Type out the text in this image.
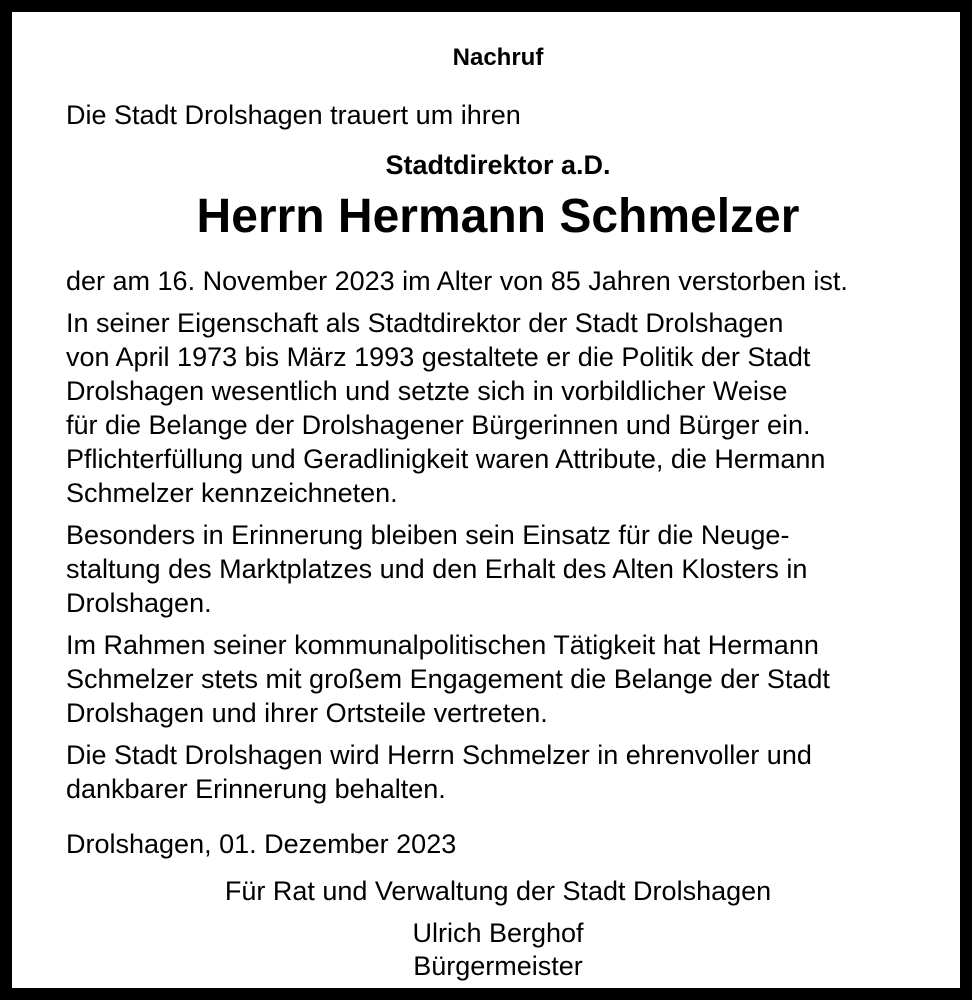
Nachruf
Die Stadt Drolshagen trauert um ihren
Stadtdirektor a.D.
Herrn Hermann Schmelzer
der am 16. November 2023 im Alter von 85 Jahren verstorben ist.
In seiner Eigenschaft als Stadtdirektor der Stadt Drolshagen
von April 1973 bis März 1993 gestaltete er die Politik der Stadt
Drolshagen wesentlich und setzte sich in vorbildlicher Weise
für die Belange der Drolshagener Bürgerinnen und Bürger ein.
Pflichterfüllung und Geradlinigkeit waren Attribute, die Hermann
Schmelzer kennzeichneten.
Besonders in Erinnerung bleiben sein Einsatz für die Neuge-
staltung des Marktplatzes und den Erhalt des Alten Klosters in
Drolshagen.
Im Rahmen seiner kommunalpolitischen Tätigkeit hat Hermann
Schmelzer stets mit großem Engagement die Belange der Stadt
Drolshagen und ihrer Ortsteile vertreten.
Die Stadt Drolshagen wird Herrn Schmelzer in ehrenvoller und
dankbarer Erinnerung behalten.
Drolshagen, 01. Dezember 2023
Für Rat und Verwaltung der Stadt Drolshagen
Ulrich Berghof
Bürgermeister
